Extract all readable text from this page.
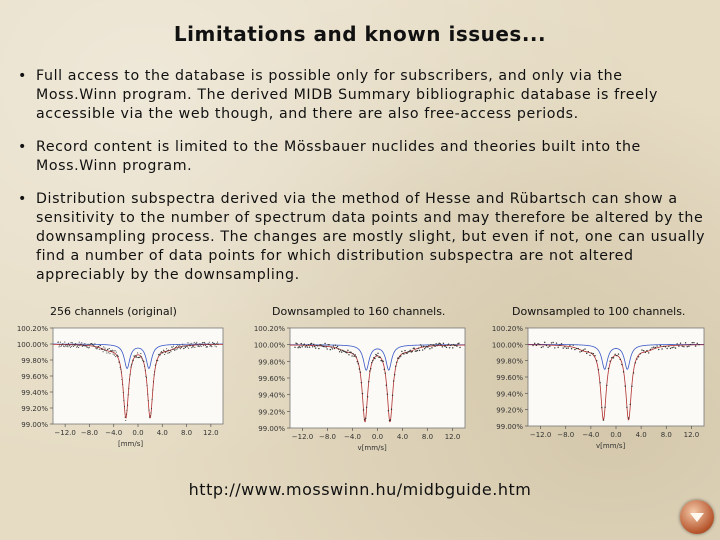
Limitations and known issues...
• Full access to the database is possible only for subscribers, and only via the Moss.Winn program. The derived MIDB Summary bibliographic database is freely accessible via the web though, and there are also free-access periods.
• Record content is limited to the Mössbauer nuclides and theories built into the Moss.Winn program.
• Distribution subspectra derived via the method of Hesse and Rübartsch can show a sensitivity to the number of spectrum data points and may therefore be altered by the downsampling process. The changes are mostly slight, but even if not, one can usually find a number of data points for which distribution subspectra are not altered appreciably by the downsampling.
256 channels (original)	Downsampled to 160 channels.	Downsampled to 100 channels.
100.20%
100.00%
99.80%
99.60%
99.40%
99.20%
99.00%
−12.0 −8.0 −4.0 0.0 4.0 8.0 12.0
[mm/s]
100.20%
100.00%
99.80%
99.60%
99.40%
99.20%
99.00%
−12.0 −8.0 −4.0 0.0 4.0 8.0 12.0
v[mm/s]
100.20%
100.00%
99.80%
99.60%
99.40%
99.20%
99.00%
−12.0 −8.0 −4.0 0.0 4.0 8.0 12.0
v[mm/s]
http://www.mosswinn.hu/midbguide.htm
